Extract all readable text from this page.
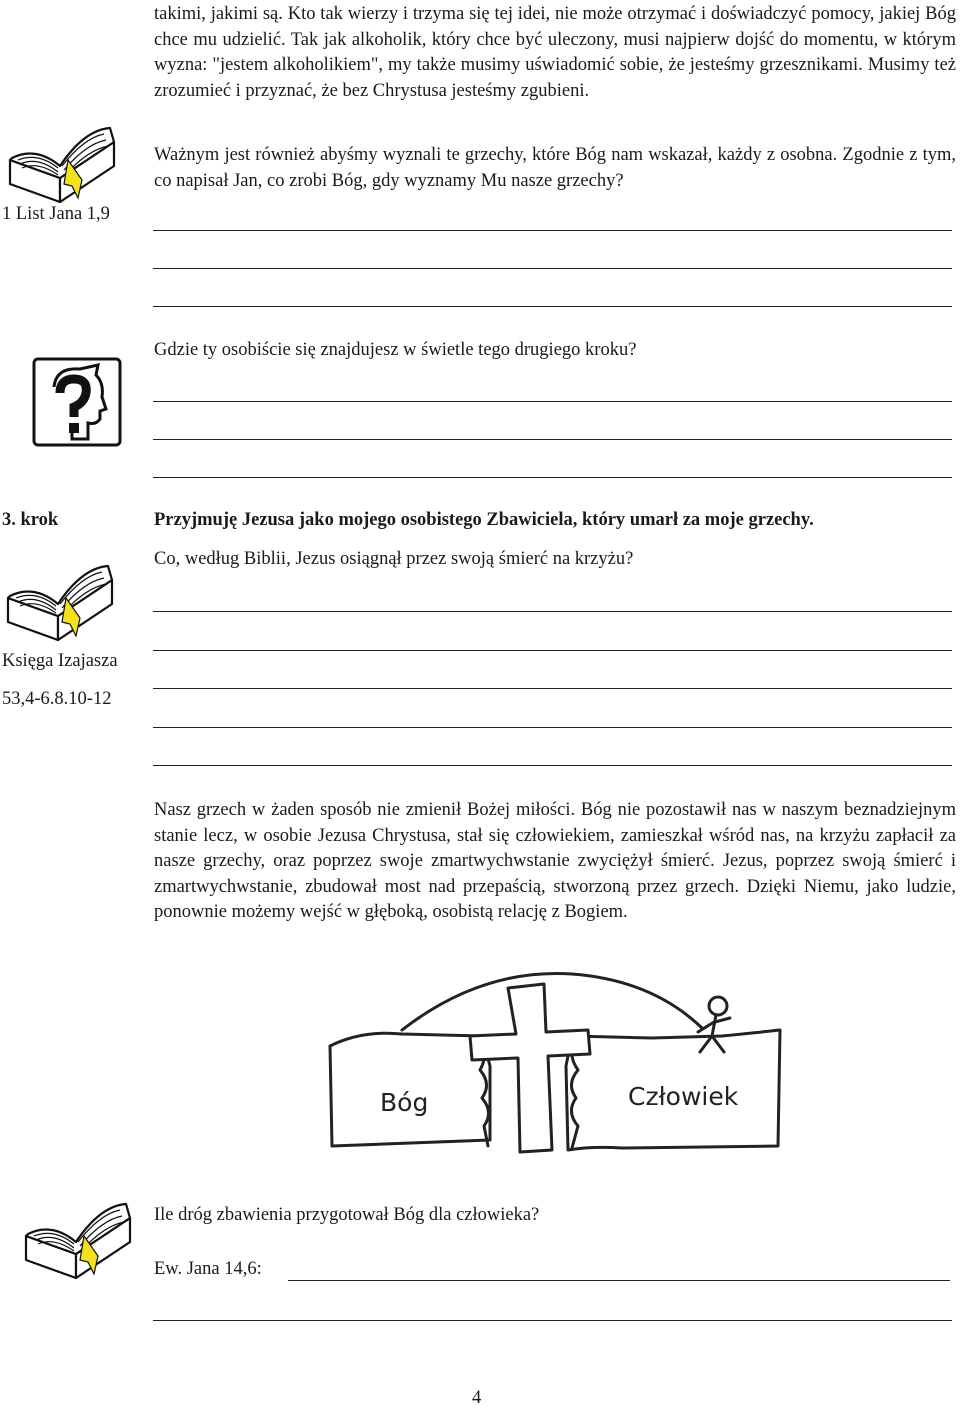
takimi, jakimi są. Kto tak wierzy i trzyma się tej idei, nie może otrzymać i doświadczyć pomocy, jakiej Bóg chce mu udzielić. Tak jak alkoholik, który chce być uleczony, musi najpierw dojść do momentu, w którym wyzna: "jestem alkoholikiem", my także musimy uświadomić sobie, że jesteśmy grzesznikami. Musimy też zrozumieć i przyznać, że bez Chrystusa jesteśmy zgubieni.
Ważnym jest również abyśmy wyznali te grzechy, które Bóg nam wskazał, każdy z osobna. Zgodnie z tym, co napisał Jan, co zrobi Bóg, gdy wyznamy Mu nasze grzechy?
1 List Jana 1,9
Gdzie ty osobiście się znajdujesz w świetle tego drugiego kroku?
3. krok	Przyjmuję Jezusa jako mojego osobistego Zbawiciela, który umarł za moje grzechy.
Co, według Biblii, Jezus osiągnął przez swoją śmierć na krzyżu?
Księga Izajasza
53,4-6.8.10-12
Nasz grzech w żaden sposób nie zmienił Bożej miłości. Bóg nie pozostawił nas w naszym beznadziejnym stanie lecz, w osobie Jezusa Chrystusa, stał się człowiekiem, zamieszkał wśród nas, na krzyżu zapłacił za nasze grzechy, oraz poprzez swoje zmartwychwstanie zwyciężył śmierć. Jezus, poprzez swoją śmierć i zmartwychwstanie, zbudował most nad przepaścią, stworzoną przez grzech. Dzięki Niemu, jako ludzie, ponownie możemy wejść w głęboką, osobistą relację z Bogiem.
Bóg	Człowiek
Ile dróg zbawienia przygotował Bóg dla człowieka?
Ew. Jana 14,6:
4
